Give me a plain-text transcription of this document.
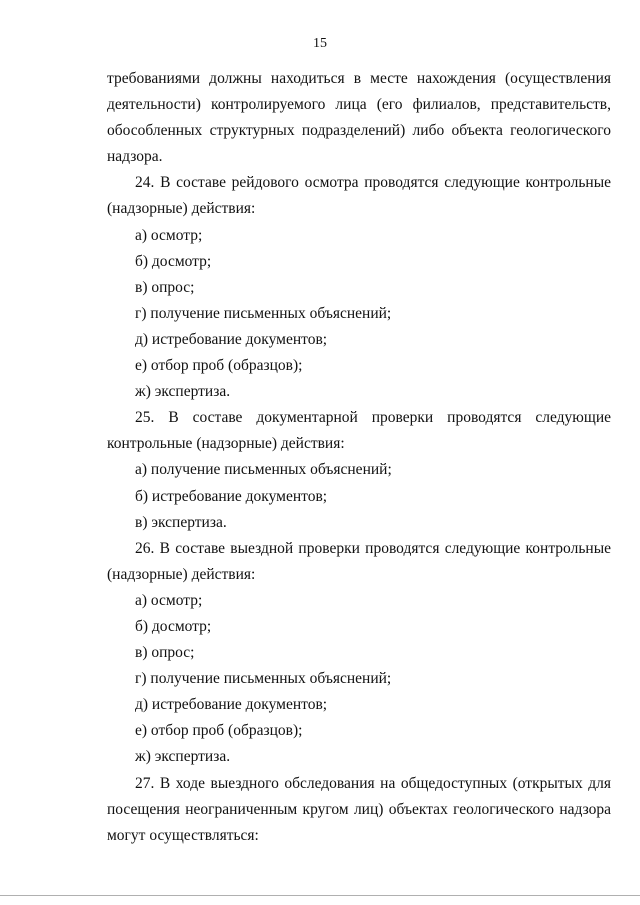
15

требованиями должны находиться в месте нахождения (осуществления деятельности) контролируемого лица (его филиалов, представительств, обособленных структурных подразделений) либо объекта геологического надзора.

24. В составе рейдового осмотра проводятся следующие контрольные (надзорные) действия:

а) осмотр;

б) досмотр;

в) опрос;

г) получение письменных объяснений;

д) истребование документов;

е) отбор проб (образцов);

ж) экспертиза.

25. В составе документарной проверки проводятся следующие контрольные (надзорные) действия:

а) получение письменных объяснений;

б) истребование документов;

в) экспертиза.

26. В составе выездной проверки проводятся следующие контрольные (надзорные) действия:

а) осмотр;

б) досмотр;

в) опрос;

г) получение письменных объяснений;

д) истребование документов;

е) отбор проб (образцов);

ж) экспертиза.

27. В ходе выездного обследования на общедоступных (открытых для посещения неограниченным кругом лиц) объектах геологического надзора могут осуществляться:
